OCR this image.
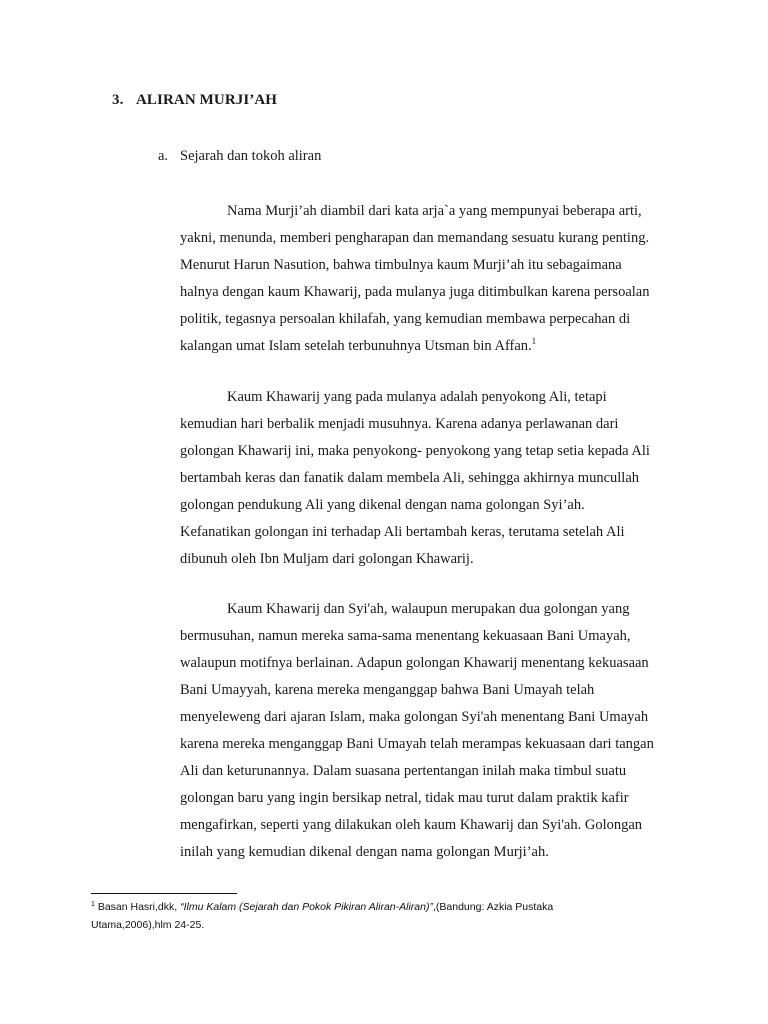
3. ALIRAN MURJI’AH
a. Sejarah dan tokoh aliran
Nama Murji’ah diambil dari kata arja`a yang mempunyai beberapa arti,
yakni, menunda, memberi pengharapan dan memandang sesuatu kurang penting.
Menurut Harun Nasution, bahwa timbulnya kaum Murji’ah itu sebagaimana
halnya dengan kaum Khawarij, pada mulanya juga ditimbulkan karena persoalan
politik, tegasnya persoalan khilafah, yang kemudian membawa perpecahan di
kalangan umat Islam setelah terbunuhnya Utsman bin Affan.$^1$
Kaum Khawarij yang pada mulanya adalah penyokong Ali, tetapi
kemudian hari berbalik menjadi musuhnya. Karena adanya perlawanan dari
golongan Khawarij ini, maka penyokong- penyokong yang tetap setia kepada Ali
bertambah keras dan fanatik dalam membela Ali, sehingga akhirnya muncullah
golongan pendukung Ali yang dikenal dengan nama golongan Syi’ah.
Kefanatikan golongan ini terhadap Ali bertambah keras, terutama setelah Ali
dibunuh oleh Ibn Muljam dari golongan Khawarij.
Kaum Khawarij dan Syi'ah, walaupun merupakan dua golongan yang
bermusuhan, namun mereka sama-sama menentang kekuasaan Bani Umayah,
walaupun motifnya berlainan. Adapun golongan Khawarij menentang kekuasaan
Bani Umayyah, karena mereka menganggap bahwa Bani Umayah telah
menyeleweng dari ajaran Islam, maka golongan Syi'ah menentang Bani Umayah
karena mereka menganggap Bani Umayah telah merampas kekuasaan dari tangan
Ali dan keturunannya. Dalam suasana pertentangan inilah maka timbul suatu
golongan baru yang ingin bersikap netral, tidak mau turut dalam praktik kafir
mengafirkan, seperti yang dilakukan oleh kaum Khawarij dan Syi'ah. Golongan
inilah yang kemudian dikenal dengan nama golongan Murji’ah.
$^1$ Basan Hasri,dkk, “Ilmu Kalam (Sejarah dan Pokok Pikiran Aliran-Aliran)”,(Bandung: Azkia Pustaka
Utama,2006),hlm 24-25.
